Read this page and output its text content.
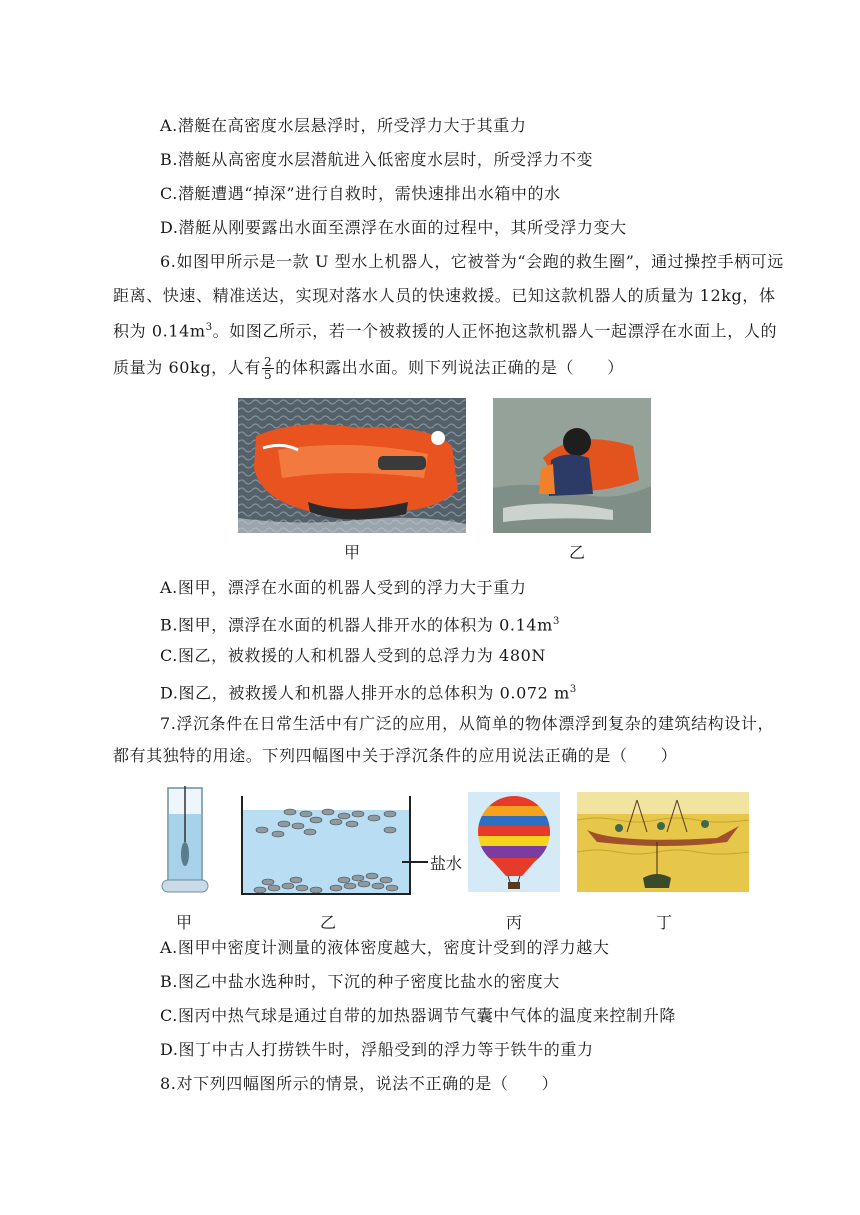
A.潜艇在高密度水层悬浮时，所受浮力大于其重力
B.潜艇从高密度水层潜航进入低密度水层时，所受浮力不变
C.潜艇遭遇“掉深”进行自救时，需快速排出水箱中的水
D.潜艇从刚要露出水面至漂浮在水面的过程中，其所受浮力变大
6.如图甲所示是一款 U 型水上机器人，它被誉为“会跑的救生圈”，通过操控手柄可远
距离、快速、精准送达，实现对落水人员的快速救援。已知这款机器人的质量为 12kg，体
积为 $0.14m^3$。如图乙所示，若一个被救援的人正怀抱这款机器人一起漂浮在水面上，人的
质量为 60kg，人有 $\frac{2}{5}$ 的体积露出水面。则下列说法正确的是（　　）
甲	乙
A.图甲，漂浮在水面的机器人受到的浮力大于重力
B.图甲，漂浮在水面的机器人排开水的体积为 $0.14m^3$
C.图乙，被救援的人和机器人受到的总浮力为 480N
D.图乙，被救援人和机器人排开水的总体积为 0.072 $m^3$
7.浮沉条件在日常生活中有广泛的应用，从简单的物体漂浮到复杂的建筑结构设计，
都有其独特的用途。下列四幅图中关于浮沉条件的应用说法正确的是（　　）
甲
盐水
乙	丙	丁
A.图甲中密度计测量的液体密度越大，密度计受到的浮力越大
B.图乙中盐水选种时，下沉的种子密度比盐水的密度大
C.图丙中热气球是通过自带的加热器调节气囊中气体的温度来控制升降
D.图丁中古人打捞铁牛时，浮船受到的浮力等于铁牛的重力
8.对下列四幅图所示的情景，说法不正确的是（　　）
